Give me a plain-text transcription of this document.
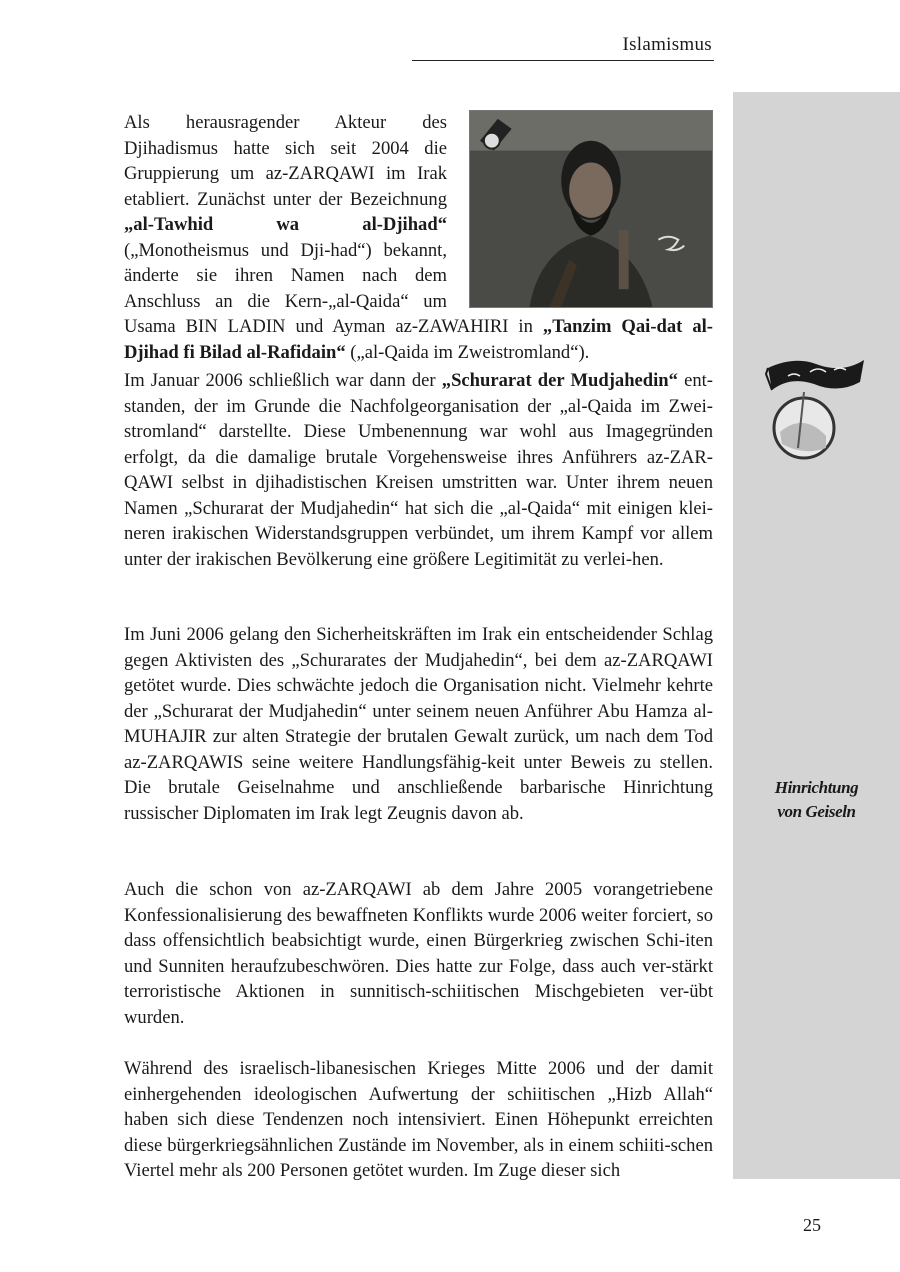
Islamismus
Hinrichtung
von Geiseln
Als herausragender Akteur des Djihadismus hatte sich seit 2004 die Gruppierung um az-ZARQAWI im Irak etabliert. Zunächst unter der Bezeichnung „al-Tawhid wa al-Djihad“ („Monotheismus und Dji-had“) bekannt, änderte sie ihren Namen nach dem Anschluss an die Kern-„al-Qaida“ um Usama BIN LADIN und Ayman az-ZAWAHIRI in „Tanzim Qai-dat al-Djihad fi Bilad al-Rafidain“ („al-Qaida im Zweistromland“).
Im Januar 2006 schließlich war dann der „Schurarat der Mudjahedin“ ent-standen, der im Grunde die Nachfolgeorganisation der „al-Qaida im Zwei-stromland“ darstellte. Diese Umbenennung war wohl aus Imagegründen erfolgt, da die damalige brutale Vorgehensweise ihres Anführers az-ZAR-QAWI selbst in djihadistischen Kreisen umstritten war. Unter ihrem neuen Namen „Schurarat der Mudjahedin“ hat sich die „al-Qaida“ mit einigen klei-neren irakischen Widerstandsgruppen verbündet, um ihrem Kampf vor allem unter der irakischen Bevölkerung eine größere Legitimität zu verlei-hen.
Im Juni 2006 gelang den Sicherheitskräften im Irak ein entscheidender Schlag gegen Aktivisten des „Schurarates der Mudjahedin“, bei dem az-ZARQAWI getötet wurde. Dies schwächte jedoch die Organisation nicht. Vielmehr kehrte der „Schurarat der Mudjahedin“ unter seinem neuen Anführer Abu Hamza al-MUHAJIR zur alten Strategie der brutalen Gewalt zurück, um nach dem Tod az-ZARQAWIS seine weitere Handlungsfähig-keit unter Beweis zu stellen. Die brutale Geiselnahme und anschließende barbarische Hinrichtung russischer Diplomaten im Irak legt Zeugnis davon ab.
Auch die schon von az-ZARQAWI ab dem Jahre 2005 vorangetriebene Konfessionalisierung des bewaffneten Konflikts wurde 2006 weiter forciert, so dass offensichtlich beabsichtigt wurde, einen Bürgerkrieg zwischen Schi-iten und Sunniten heraufzubeschwören. Dies hatte zur Folge, dass auch ver-stärkt terroristische Aktionen in sunnitisch-schiitischen Mischgebieten ver-übt wurden.
Während des israelisch-libanesischen Krieges Mitte 2006 und der damit einhergehenden ideologischen Aufwertung der schiitischen „Hizb Allah“ haben sich diese Tendenzen noch intensiviert. Einen Höhepunkt erreichten diese bürgerkriegsähnlichen Zustände im November, als in einem schiiti-schen Viertel mehr als 200 Personen getötet wurden. Im Zuge dieser sich
25
